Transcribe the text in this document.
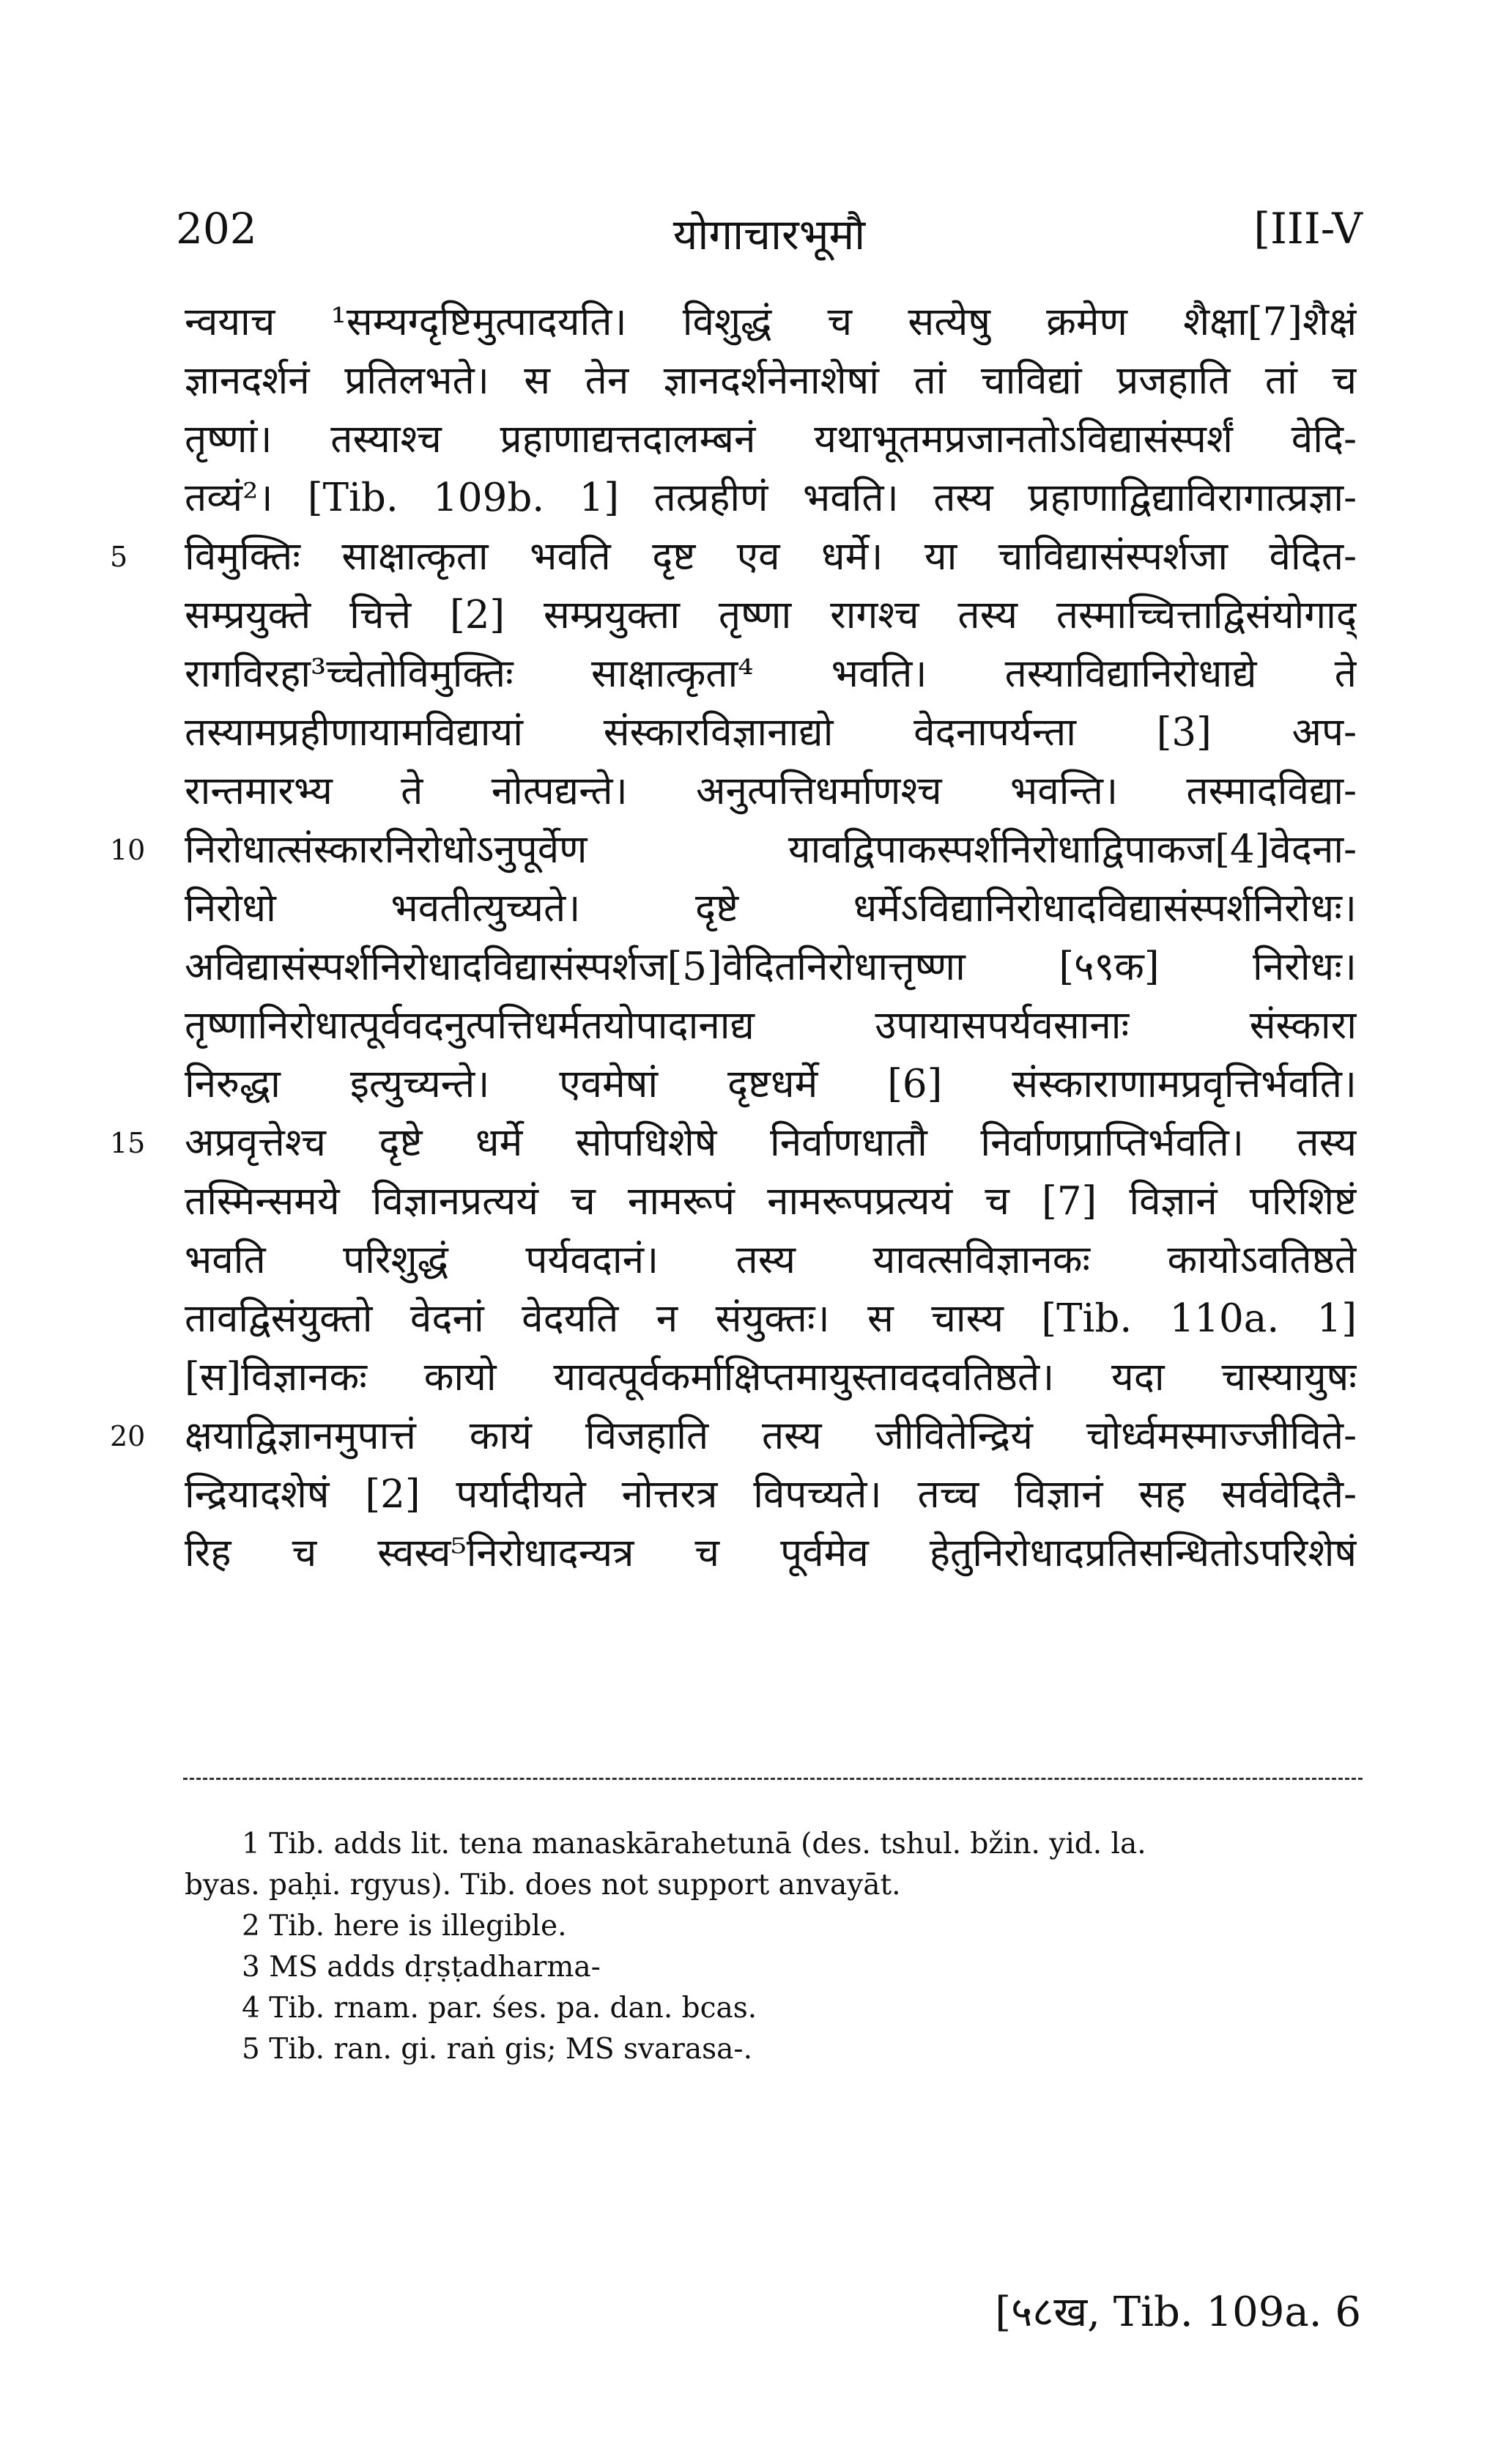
202	योगाचारभूमौ	[III-V
न्वयाच ¹सम्यग्दृष्टिमुत्पादयति। विशुद्धं च सत्येषु क्रमेण शैक्षा[7]शैक्षं
ज्ञानदर्शनं प्रतिलभते। स तेन ज्ञानदर्शनेनाशेषां तां चाविद्यां प्रजहाति तां च
तृष्णां। तस्याश्च प्रहाणाद्यत्तदालम्बनं यथाभूतमप्रजानतोऽविद्यासंस्पर्शं वेदि-
तव्यं²। [Tib. 109b. 1] तत्प्रहीणं भवति। तस्य प्रहाणाद्विद्याविरागात्प्रज्ञा-
5	विमुक्तिः साक्षात्कृता भवति दृष्ट एव धर्मे। या चाविद्यासंस्पर्शजा वेदित-
सम्प्रयुक्ते चित्ते [2] सम्प्रयुक्ता तृष्णा रागश्च तस्य तस्माच्चित्ताद्विसंयोगाद्
रागविरहा³च्चेतोविमुक्तिः साक्षात्कृता⁴ भवति। तस्याविद्यानिरोधाद्ये ते
तस्यामप्रहीणायामविद्यायां संस्कारविज्ञानाद्यो वेदनापर्यन्ता [3] अप-
रान्तमारभ्य ते नोत्पद्यन्ते। अनुत्पत्तिधर्माणश्च भवन्ति। तस्मादविद्या-
10 निरोधात्संस्कारनिरोधोऽनुपूर्वेण यावद्विपाकस्पर्शनिरोधाद्विपाकज[4]वेदना-
निरोधो भवतीत्युच्यते। दृष्टे धर्मेऽविद्यानिरोधादविद्यासंस्पर्शनिरोधः।
अविद्यासंस्पर्शनिरोधादविद्यासंस्पर्शज[5]वेदितनिरोधात्तृष्णा [५९क] निरोधः।
तृष्णानिरोधात्पूर्ववदनुत्पत्तिधर्मतयोपादानाद्य उपायासपर्यवसानाः संस्कारा
निरुद्धा इत्युच्यन्ते। एवमेषां दृष्टधर्मे [6] संस्काराणामप्रवृत्तिर्भवति।
15 अप्रवृत्तेश्च दृष्टे धर्मे सोपधिशेषे निर्वाणधातौ निर्वाणप्राप्तिर्भवति। तस्य
तस्मिन्समये विज्ञानप्रत्ययं च नामरूपं नामरूपप्रत्ययं च [7] विज्ञानं परिशिष्टं
भवति परिशुद्धं पर्यवदानं। तस्य यावत्सविज्ञानकः कायोऽवतिष्ठते
तावद्विसंयुक्तो वेदनां वेदयति न संयुक्तः। स चास्य [Tib. 110a. 1]
[स]विज्ञानकः कायो यावत्पूर्वकर्माक्षिप्तमायुस्तावदवतिष्ठते। यदा चास्यायुषः
20 क्षयाद्विज्ञानमुपात्तं कायं विजहाति तस्य जीवितेन्द्रियं चोर्ध्वमस्माज्जीविते-
न्द्रियादशेषं [2] पर्यादीयते नोत्तरत्र विपच्यते। तच्च विज्ञानं सह सर्ववेदितै-
रिह च स्वस्व⁵निरोधादन्यत्र च पूर्वमेव हेतुनिरोधादप्रतिसन्धितोऽपरिशेषं
1 Tib. adds lit. tena manaskārahetunā (des. tshul. bžin. yid. la.
byas. paḥi. rgyus). Tib. does not support anvayāt.
2 Tib. here is illegible.
3 MS adds dṛṣṭadharma-
4 Tib. rnam. par. śes. pa. dan. bcas.
5 Tib. ran. gi. raṅ gis; MS svarasa-.
[५८ख, Tib. 109a. 6
